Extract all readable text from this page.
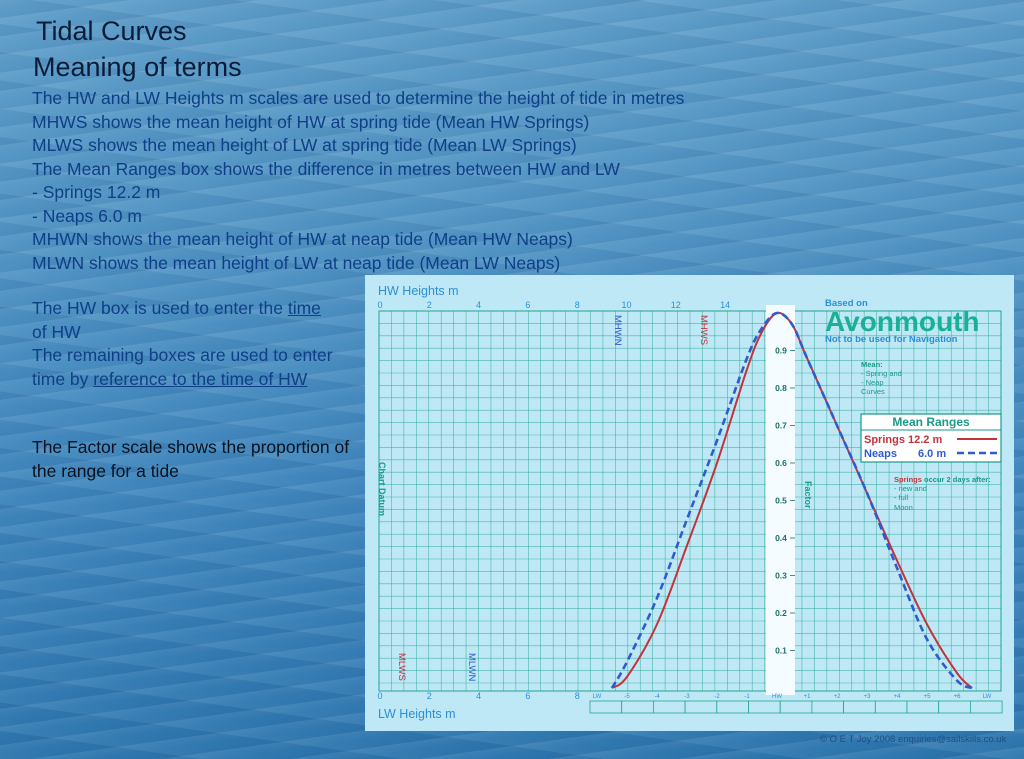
Tidal Curves
Meaning of terms
The HW and LW Heights m scales are used to determine the height of tide in metres
MHWS shows the mean height of HW at spring tide (Mean HW Springs)
MLWS shows the mean height of LW at spring tide (Mean LW Springs)
The Mean Ranges box shows the difference in metres between HW and LW
- Springs 12.2 m
- Neaps 6.0 m
MHWN shows the mean height of HW at neap tide (Mean HW Neaps)
MLWN shows the mean height of LW at neap tide (Mean LW Neaps)
The HW box is used to enter the time
of HW
The remaining boxes are used to enter time by reference to the time of HW
The Factor scale shows the proportion of the range for a tide
0.9
0.8
0.7
0.6
0.5
0.4
0.3
0.2
0.1
Factor
HW Heights m
0	2	4	6	8	10	12	14
LW Heights m
0	2	4	6	8 LW	-5	-4	-3	-2	-1	HW	+1	+2	+3	+4	+5	+6	LW
Chart Datum
MHWN	MHWS
MLWS	MLWN
Based on
Avonmouth
Not to be used for Navigation
Mean:
- Spring and
- Neap
Curves
Mean Ranges
Springs 12.2 m
Neaps 6.0 m
Springs occur 2 days after:
- new and
- full
Moon
© O E T Joy 2008 enquiries@sailskills.co.uk
